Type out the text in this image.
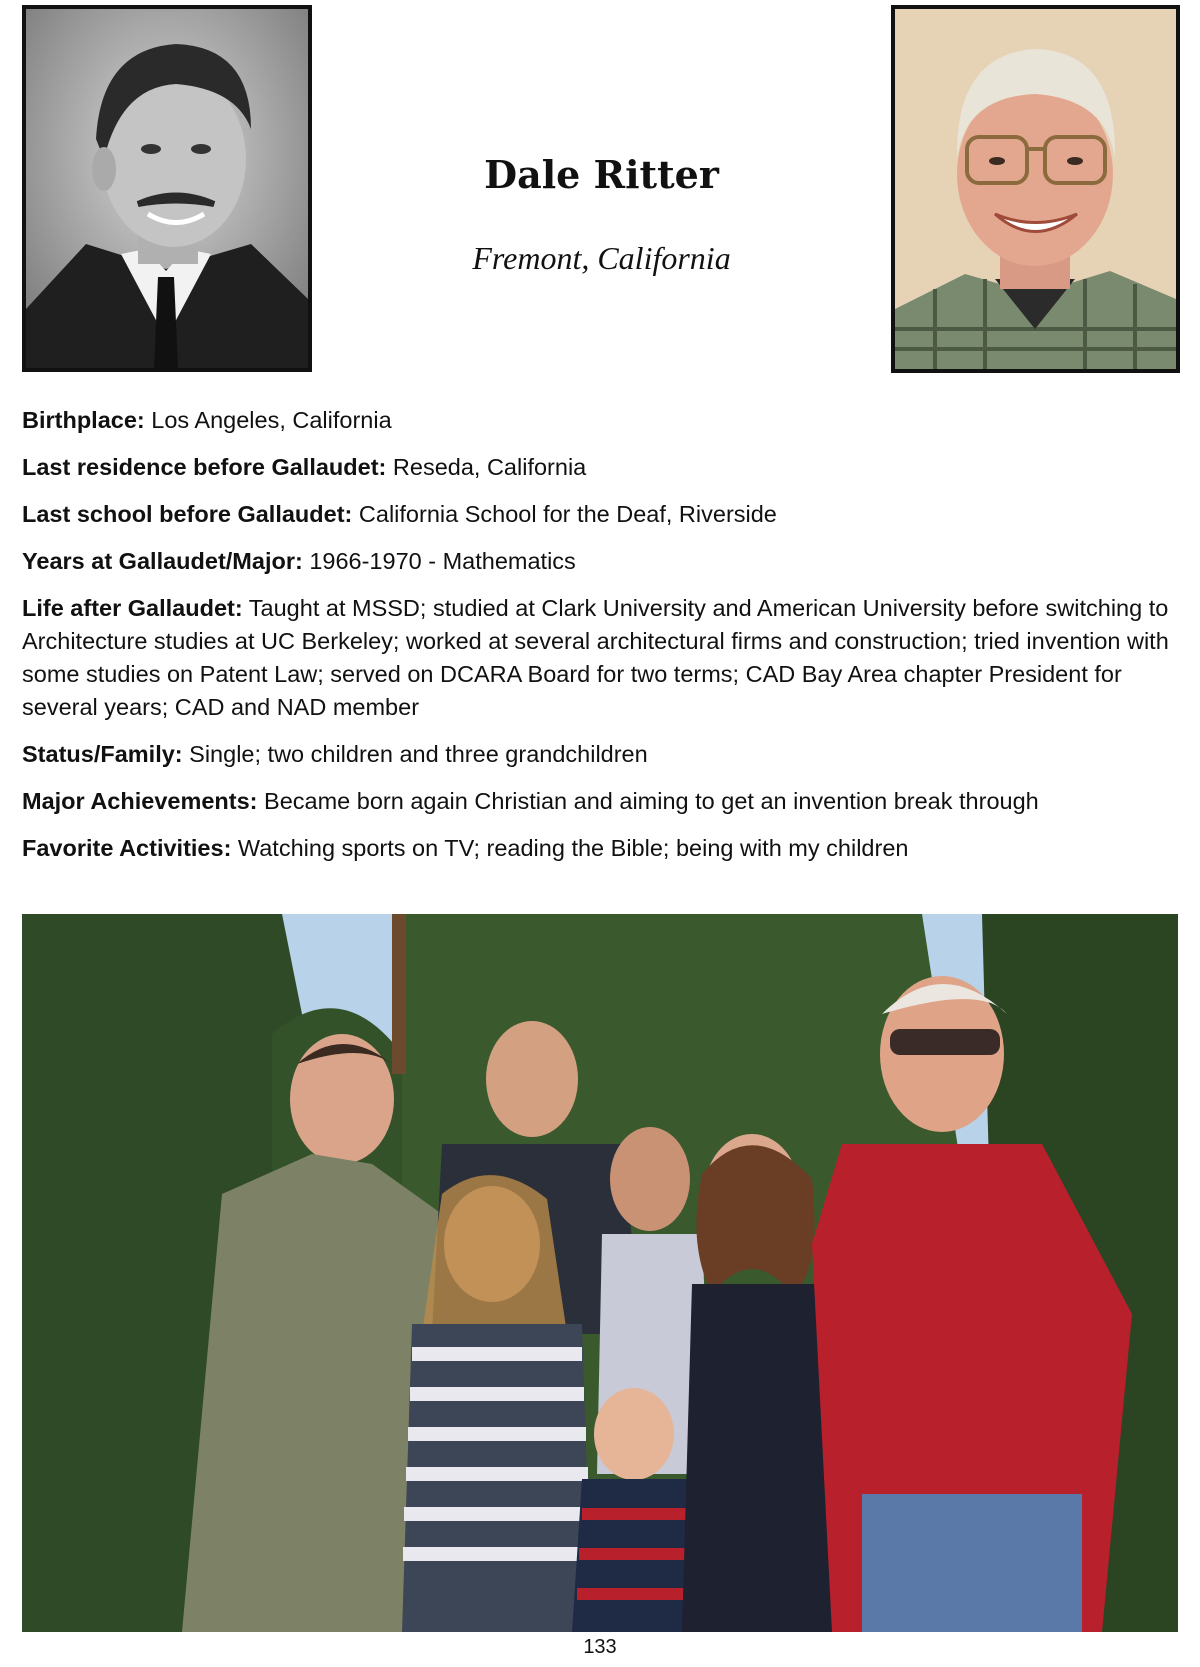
Dale Ritter

Fremont, California

Birthplace: Los Angeles, California

Last residence before Gallaudet: Reseda, California

Last school before Gallaudet: California School for the Deaf, Riverside

Years at Gallaudet/Major: 1966-1970 - Mathematics

Life after Gallaudet: Taught at MSSD; studied at Clark University and American University before switching to Architecture studies at UC Berkeley; worked at several architectural firms and construction; tried invention with some studies on Patent Law; served on DCARA Board for two terms; CAD Bay Area chapter President for several years; CAD and NAD member

Status/Family: Single; two children and three grandchildren

Major Achievements: Became born again Christian and aiming to get an invention break through

Favorite Activities: Watching sports on TV; reading the Bible; being with my children

133
